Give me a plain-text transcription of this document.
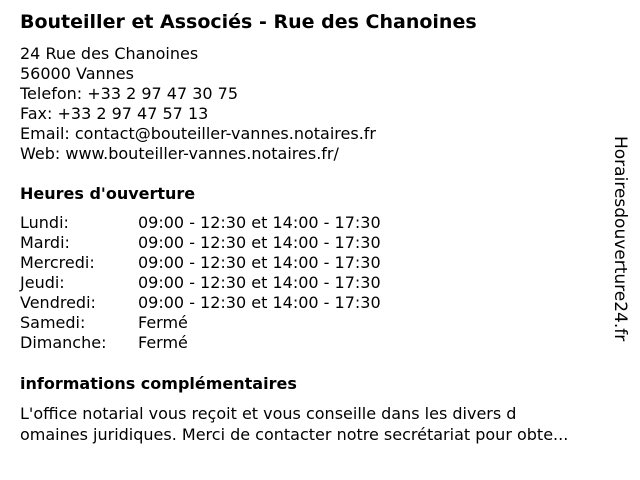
Bouteiller et Associés - Rue des Chanoines
24 Rue des Chanoines
56000 Vannes
Telefon: +33 2 97 47 30 75
Fax: +33 2 97 47 57 13
Email: contact@bouteiller-vannes.notaires.fr
Web: www.bouteiller-vannes.notaires.fr/
Heures d'ouverture
Lundi:	09:00 - 12:30 et 14:00 - 17:30
Mardi:	09:00 - 12:30 et 14:00 - 17:30
Mercredi:	09:00 - 12:30 et 14:00 - 17:30
Jeudi:	09:00 - 12:30 et 14:00 - 17:30
Vendredi:	09:00 - 12:30 et 14:00 - 17:30
Samedi:	Fermé
Dimanche:	Fermé
informations complémentaires
L'office notarial vous reçoit et vous conseille dans les divers d
omaines juridiques. Merci de contacter notre secrétariat pour obte...
Horairesdouverture24.fr
